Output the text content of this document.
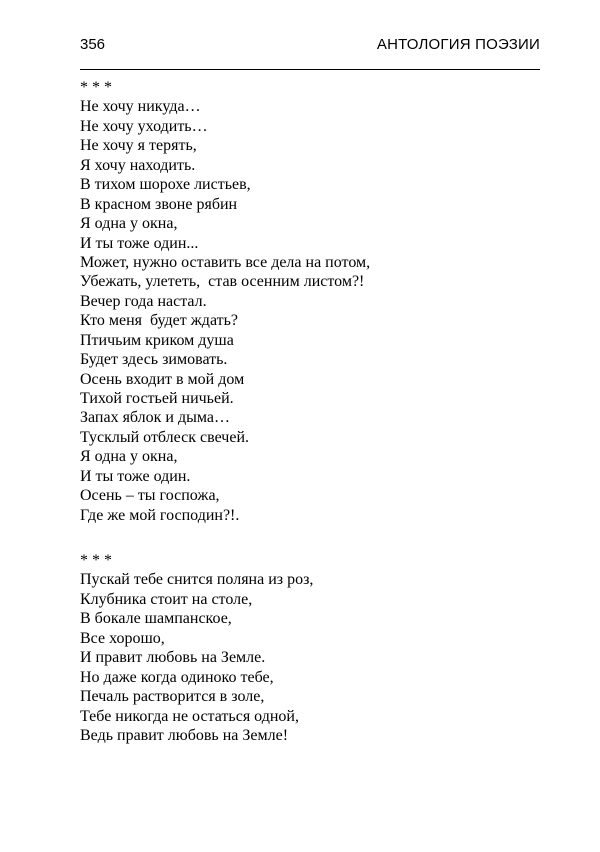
356	АНТОЛОГИЯ ПОЭЗИИ
* * *
Не хочу никуда…
Не хочу уходить…
Не хочу я терять,
Я хочу находить.
В тихом шорохе листьев,
В красном звоне рябин
Я одна у окна,
И ты тоже один...
Может, нужно оставить все дела на потом,
Убежать, улететь,  став осенним листом?!
Вечер года настал.
Кто меня  будет ждать?
Птичьим криком душа
Будет здесь зимовать.
Осень входит в мой дом
Тихой гостьей ничьей.
Запах яблок и дыма…
Тусклый отблеск свечей.
Я одна у окна,
И ты тоже один.
Осень – ты госпожа,
Где же мой господин?!.
* * *
Пускай тебе снится поляна из роз,
Клубника стоит на столе,
В бокале шампанское,
Все хорошо,
И правит любовь на Земле.
Но даже когда одиноко тебе,
Печаль растворится в золе,
Тебе никогда не остаться одной,
Ведь правит любовь на Земле!
